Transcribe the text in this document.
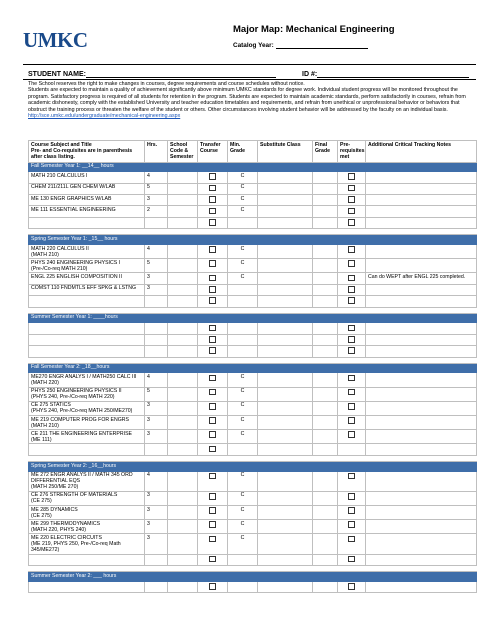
UMKC	Major Map: Mechanical Engineering
Catalog Year:
STUDENT NAME:	ID #:

The School reserves the right to make changes in courses, degree requirements and course schedules without notice.

Students are expected to maintain a quality of achievement significantly above minimum UMKC standards for degree work. Individual student progress will be monitored throughout the program. Satisfactory progress is required of all students for retention in the program. Students are expected to maintain academic standards, perform satisfactorily in courses, refrain from academic dishonesty, comply with the established University and teacher education timetables and requirements, and refrain from unethical or unprofessional behavior or behaviors that obstruct the training process or threaten the welfare of the student or others. Other circumstances involving student behavior will be addressed by the faculty on an individual basis. http://sce.umkc.edu/undergraduate/mechanical-engineering.aspx

Course Subject and Title
Pre- and Co-requisites are in parenthesis after class listing.	Hrs.	School Code & Semester	Transfer Course	Min. Grade	Substitute Class	Final Grade	Pre-requisites met	Additional Critical Tracking Notes
Fall Semester Year 1: __14__ hours								
MATH 210 CALCULUS I	4			C				
CHEM 211/211L GEN CHEM W/LAB	5			C				
ME 130 ENGR GRAPHICS W/LAB	3			C				
ME 111 ESSENTIAL ENGINEERING	2			C				

Spring Semester Year 1: _15__ hours								
MATH 220 CALCULUS II
(MATH 210)	4			C				
PHYS 240 ENGINEERING PHYSICS I
(Pre-/Co-req MATH 210)	5			C				
ENGL 225 ENGLISH COMPOSITION II	3			C				Can do WEPT after ENGL 225 completed.
COMST 110 FNDMTLS EFF SPKG & LSTNG	3							

Summer Semester Year 1: ____hours								

Fall Semester Year 2: _18__hours								
ME270 ENGR ANALYS I / MATH250 CALC III
(MATH 220)	4			C				
PHYS 250 ENGINEERING PHYSICS II
(PHYS 240, Pre-/Co-req MATH 220)	5			C				
CE 275 STATICS
(PHYS 240, Pre-/Co-req MATH 250/ME270)	3			C				
ME 219 COMPUTER PROG FOR ENGRS
(MATH 210)	3			C				
CE 211 THE ENGINEERING ENTERPRISE
(ME 111)	3			C				

Spring Semester Year 2: _16__hours								
ME 272 ENGR ANALYS II / MATH 345 ORD
DIFFERENTIAL EQS
(MATH 250/ME 270)	4			C				
CE 276 STRENGTH OF MATERIALS
(CE 275)	3			C				
ME 285 DYNAMICS
(CE 275)	3			C				
ME 299 THERMODYNAMICS
(MATH 220, PHYS 240)	3			C				
ME 220 ELECTRIC CIRCUITS
(ME 219, PHYS 250, Pre-/Co-req Math
345/ME272)	3			C				

Summer Semester Year 2: ___ hours								
